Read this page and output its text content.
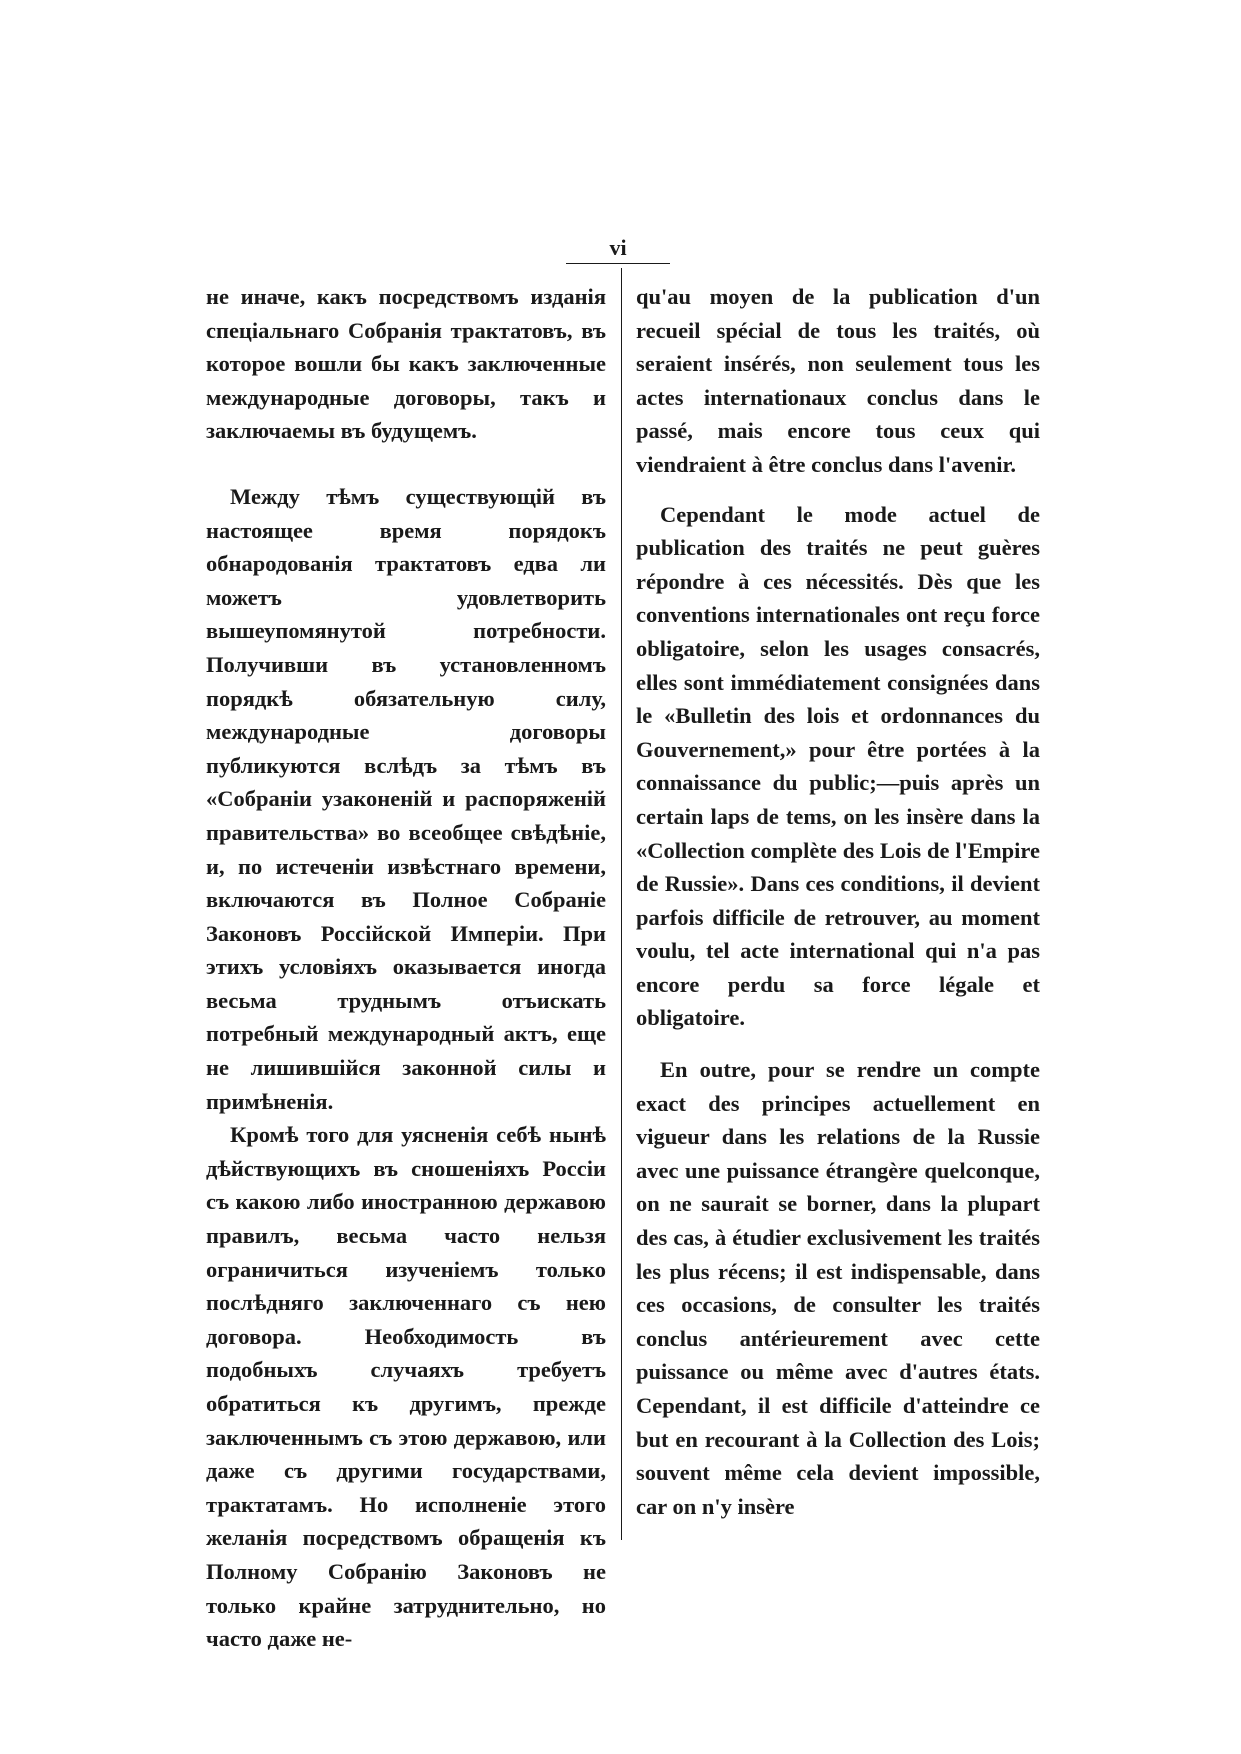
vi

не иначе, какъ посредствомъ изданія спеціальнаго Собранія трактатовъ, въ которое вошли бы какъ заключенные международные договоры, такъ и заключаемы въ будущемъ.

Между тѣмъ существующій въ настоящее время порядокъ обнародованія трактатовъ едва ли можетъ удовлетворить вышеупомянутой потребности. Получивши въ установленномъ порядкѣ обязательную силу, международные договоры публикуются вслѣдъ за тѣмъ въ «Собраніи узаконеній и распоряженій правительства» во всеобщее свѣдѣніе, и, по истеченіи извѣстнаго времени, включаются въ Полное Собраніе Законовъ Россійской Имперіи. При этихъ условіяхъ оказывается иногда весьма труднымъ отъискать потребный международный актъ, еще не лишившійся законной силы и примѣненія.

Кромѣ того для уясненія себѣ нынѣ дѣйствующихъ въ сношеніяхъ Россіи съ какою либо иностранною державою правилъ, весьма часто нельзя ограничиться изученіемъ только послѣдняго заключеннаго съ нею договора. Необходимость въ подобныхъ случаяхъ требуетъ обратиться къ другимъ, прежде заключеннымъ съ этою державою, или даже съ другими государствами, трактатамъ. Но исполненіе этого желанія посредствомъ обращенія къ Полному Собранію Законовъ не только крайне затруднительно, но часто даже не-

qu'au moyen de la publication d'un recueil spécial de tous les traités, où seraient insérés, non seulement tous les actes internationaux conclus dans le passé, mais encore tous ceux qui viendraient à être conclus dans l'avenir.

Cependant le mode actuel de publication des traités ne peut guères répondre à ces nécessités. Dès que les conventions internationales ont reçu force obligatoire, selon les usages consacrés, elles sont immédiatement consignées dans le «Bulletin des lois et ordonnances du Gouvernement,» pour être portées à la connaissance du public;—puis après un certain laps de tems, on les insère dans la «Collection complète des Lois de l'Empire de Russie». Dans ces conditions, il devient parfois difficile de retrouver, au moment voulu, tel acte international qui n'a pas encore perdu sa force légale et obligatoire.

En outre, pour se rendre un compte exact des principes actuellement en vigueur dans les relations de la Russie avec une puissance étrangère quelconque, on ne saurait se borner, dans la plupart des cas, à étudier exclusivement les traités les plus récens; il est indispensable, dans ces occasions, de consulter les traités conclus antérieurement avec cette puissance ou même avec d'autres états. Cependant, il est difficile d'atteindre ce but en recourant à la Collection des Lois; souvent même cela devient impossible, car on n'y insère
